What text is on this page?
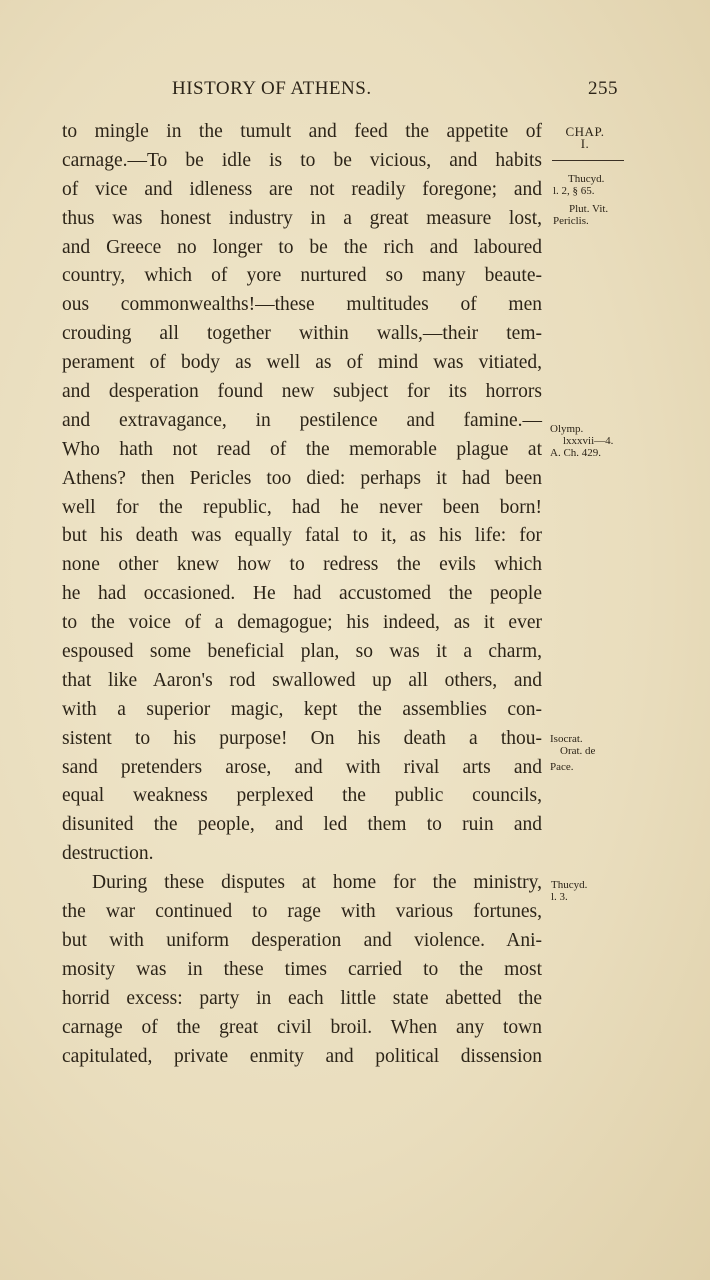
HISTORY OF ATHENS.	255
to mingle in the tumult and feed the appetite of
carnage.—To be idle is to be vicious, and habits
of vice and idleness are not readily foregone; and
thus was honest industry in a great measure lost,
and Greece no longer to be the rich and laboured
country, which of yore nurtured so many beaute-
ous commonwealths!—these multitudes of men
crouding all together within walls,—their tem-
perament of body as well as of mind was vitiated,
and desperation found new subject for its horrors
and extravagance, in pestilence and famine.—
Who hath not read of the memorable plague at
Athens? then Pericles too died: perhaps it had been
well for the republic, had he never been born!
but his death was equally fatal to it, as his life: for
none other knew how to redress the evils which
he had occasioned. He had accustomed the people
to the voice of a demagogue; his indeed, as it ever
espoused some beneficial plan, so was it a charm,
that like Aaron's rod swallowed up all others, and
with a superior magic, kept the assemblies con-
sistent to his purpose! On his death a thou-
sand pretenders arose, and with rival arts and
equal weakness perplexed the public councils,
disunited the people, and led them to ruin and
destruction.
During these disputes at home for the ministry,
the war continued to rage with various fortunes,
but with uniform desperation and violence. Ani-
mosity was in these times carried to the most
horrid excess: party in each little state abetted the
carnage of the great civil broil. When any town
capitulated, private enmity and political dissension
CHAP.
I.
Thucyd.
l. 2, § 65.
Plut. Vit.
Periclis.
Olymp.
lxxxvii—4.
A. Ch. 429.
Isocrat.
Orat. de
Pace.
Thucyd.
l. 3.
